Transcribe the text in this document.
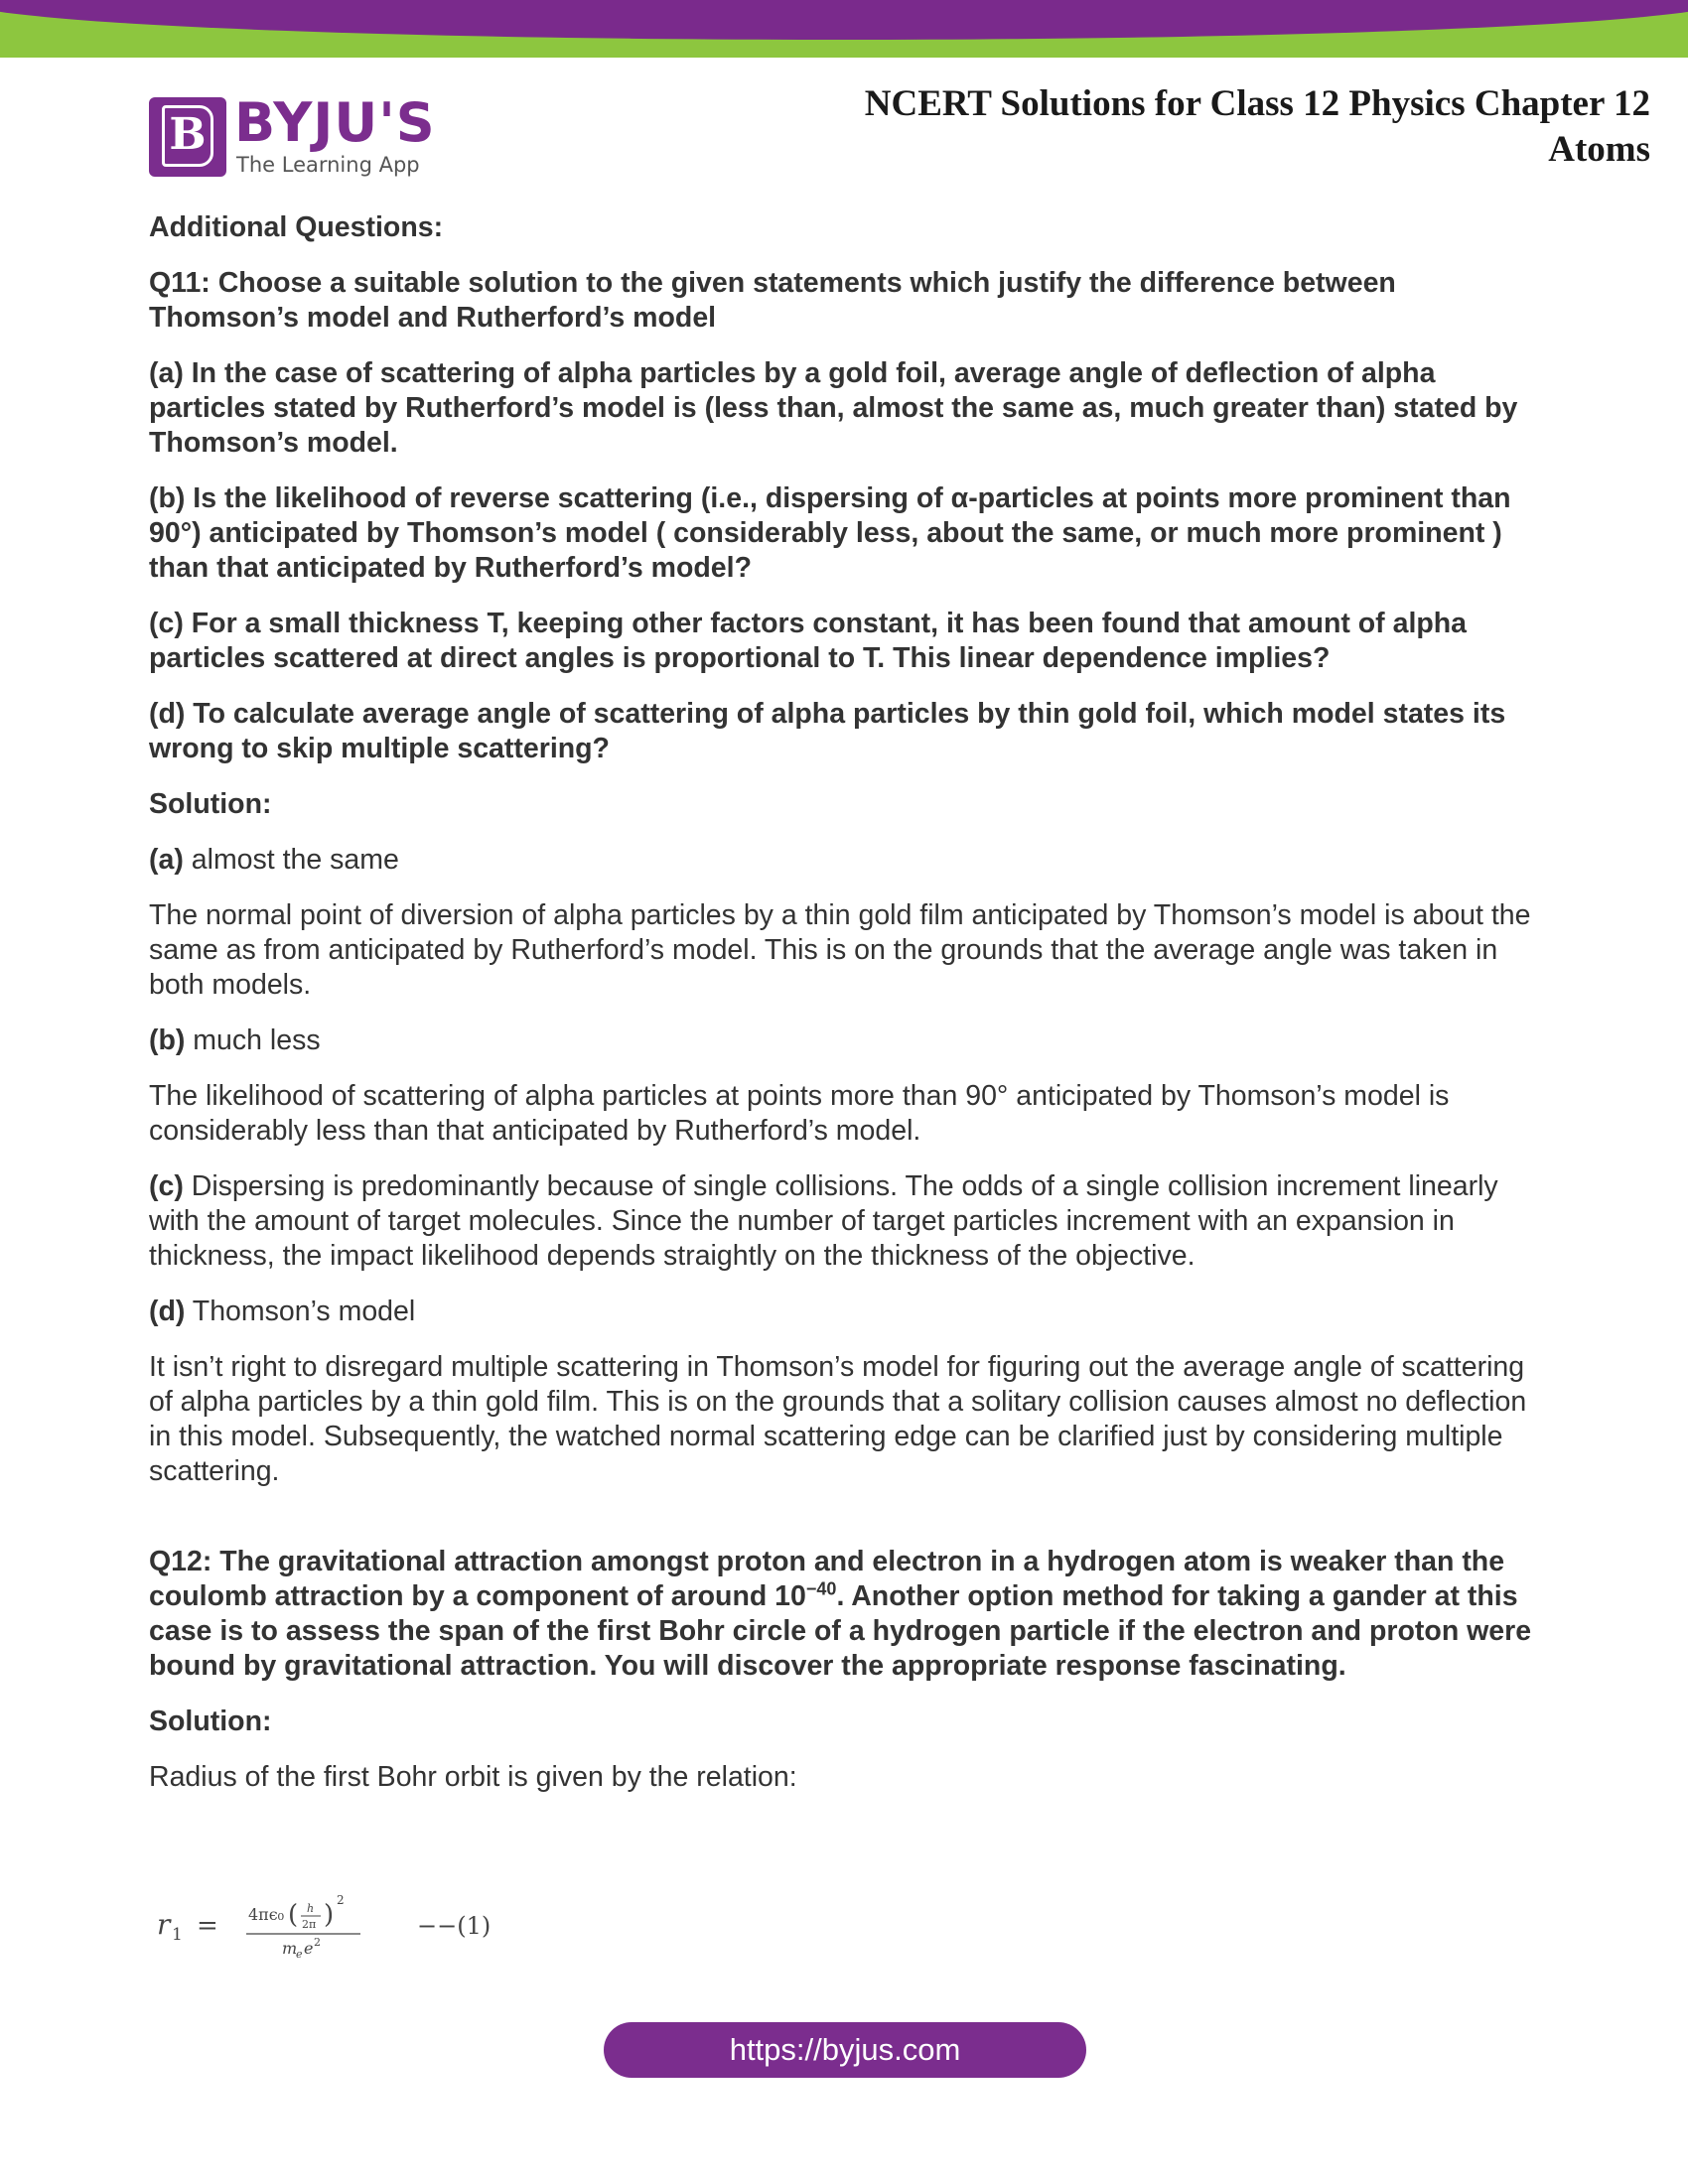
B BYJU'S
The Learning App
NCERT Solutions for Class 12 Physics Chapter 12
Atoms

Additional Questions:

Q11: Choose a suitable solution to the given statements which justify the difference between Thomson’s model and Rutherford’s model

(a) In the case of scattering of alpha particles by a gold foil, average angle of deflection of alpha particles stated by Rutherford’s model is (less than, almost the same as, much greater than) stated by Thomson’s model.

(b) Is the likelihood of reverse scattering (i.e., dispersing of α-particles at points more prominent than 90°) anticipated by Thomson’s model ( considerably less, about the same, or much more prominent ) than that anticipated by Rutherford’s model?

(c) For a small thickness T, keeping other factors constant, it has been found that amount of alpha particles scattered at direct angles is proportional to T. This linear dependence implies?

(d) To calculate average angle of scattering of alpha particles by thin gold foil, which model states its wrong to skip multiple scattering?

Solution:

(a) almost the same

The normal point of diversion of alpha particles by a thin gold film anticipated by Thomson’s model is about the same as from anticipated by Rutherford’s model. This is on the grounds that the average angle was taken in both models.

(b) much less

The likelihood of scattering of alpha particles at points more than 90° anticipated by Thomson’s model is considerably less than that anticipated by Rutherford’s model.

(c) Dispersing is predominantly because of single collisions. The odds of a single collision increment linearly with the amount of target molecules. Since the number of target particles increment with an expansion in thickness, the impact likelihood depends straightly on the thickness of the objective.

(d) Thomson’s model

It isn’t right to disregard multiple scattering in Thomson’s model for figuring out the average angle of scattering of alpha particles by a thin gold film. This is on the grounds that a solitary collision causes almost no deflection in this model. Subsequently, the watched normal scattering edge can be clarified just by considering multiple scattering.

Q12: The gravitational attraction amongst proton and electron in a hydrogen atom is weaker than the coulomb attraction by a component of around $10^{-40}$. Another option method for taking a gander at this case is to assess the span of the first Bohr circle of a hydrogen particle if the electron and proton were bound by gravitational attraction. You will discover the appropriate response fascinating.

Solution:

Radius of the first Bohr orbit is given by the relation:

r 1 = 4πϵ₀ ( h
2π ) 2
m
e e 2
−−(1)
https://byjus.com
